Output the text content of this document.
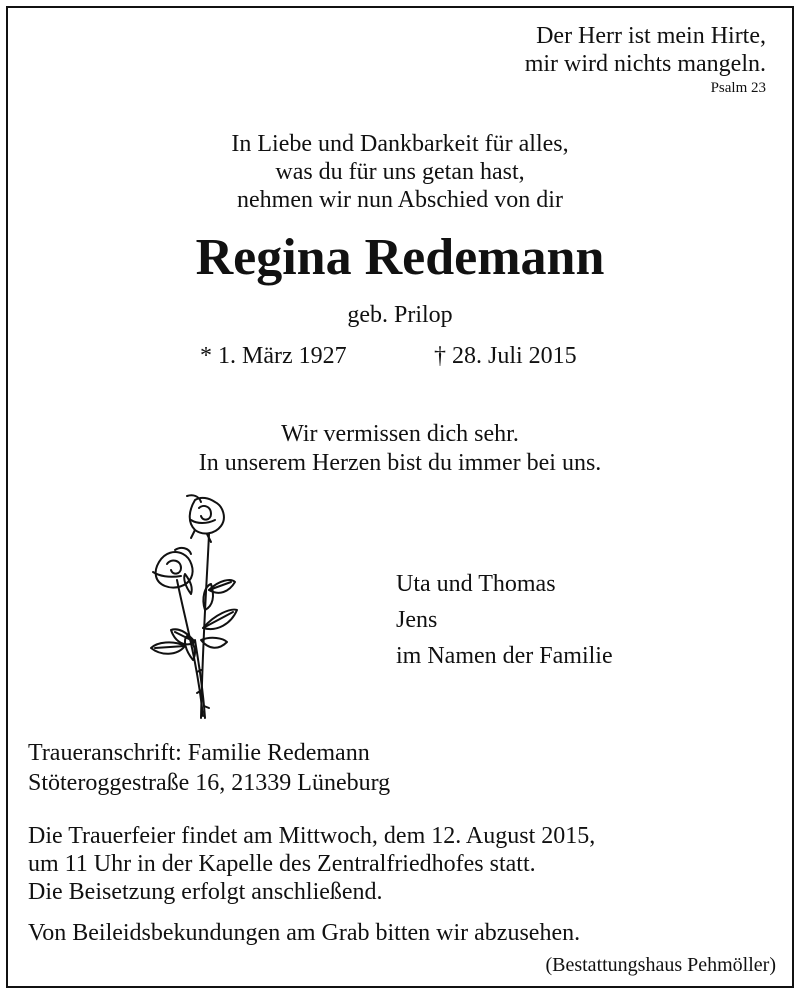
Der Herr ist mein Hirte,
mir wird nichts mangeln.
Psalm 23
In Liebe und Dankbarkeit für alles,
was du für uns getan hast,
nehmen wir nun Abschied von dir
Regina Redemann
geb. Prilop
* 1. März 1927	† 28. Juli 2015
Wir vermissen dich sehr.
In unserem Herzen bist du immer bei uns.
Uta und Thomas
Jens
im Namen der Familie
Traueranschrift: Familie Redemann
Stöteroggestraße 16, 21339 Lüneburg
Die Trauerfeier findet am Mittwoch, dem 12. August 2015,
um 11 Uhr in der Kapelle des Zentralfriedhofes statt.
Die Beisetzung erfolgt anschließend.
Von Beileidsbekundungen am Grab bitten wir abzusehen.
(Bestattungshaus Pehmöller)
